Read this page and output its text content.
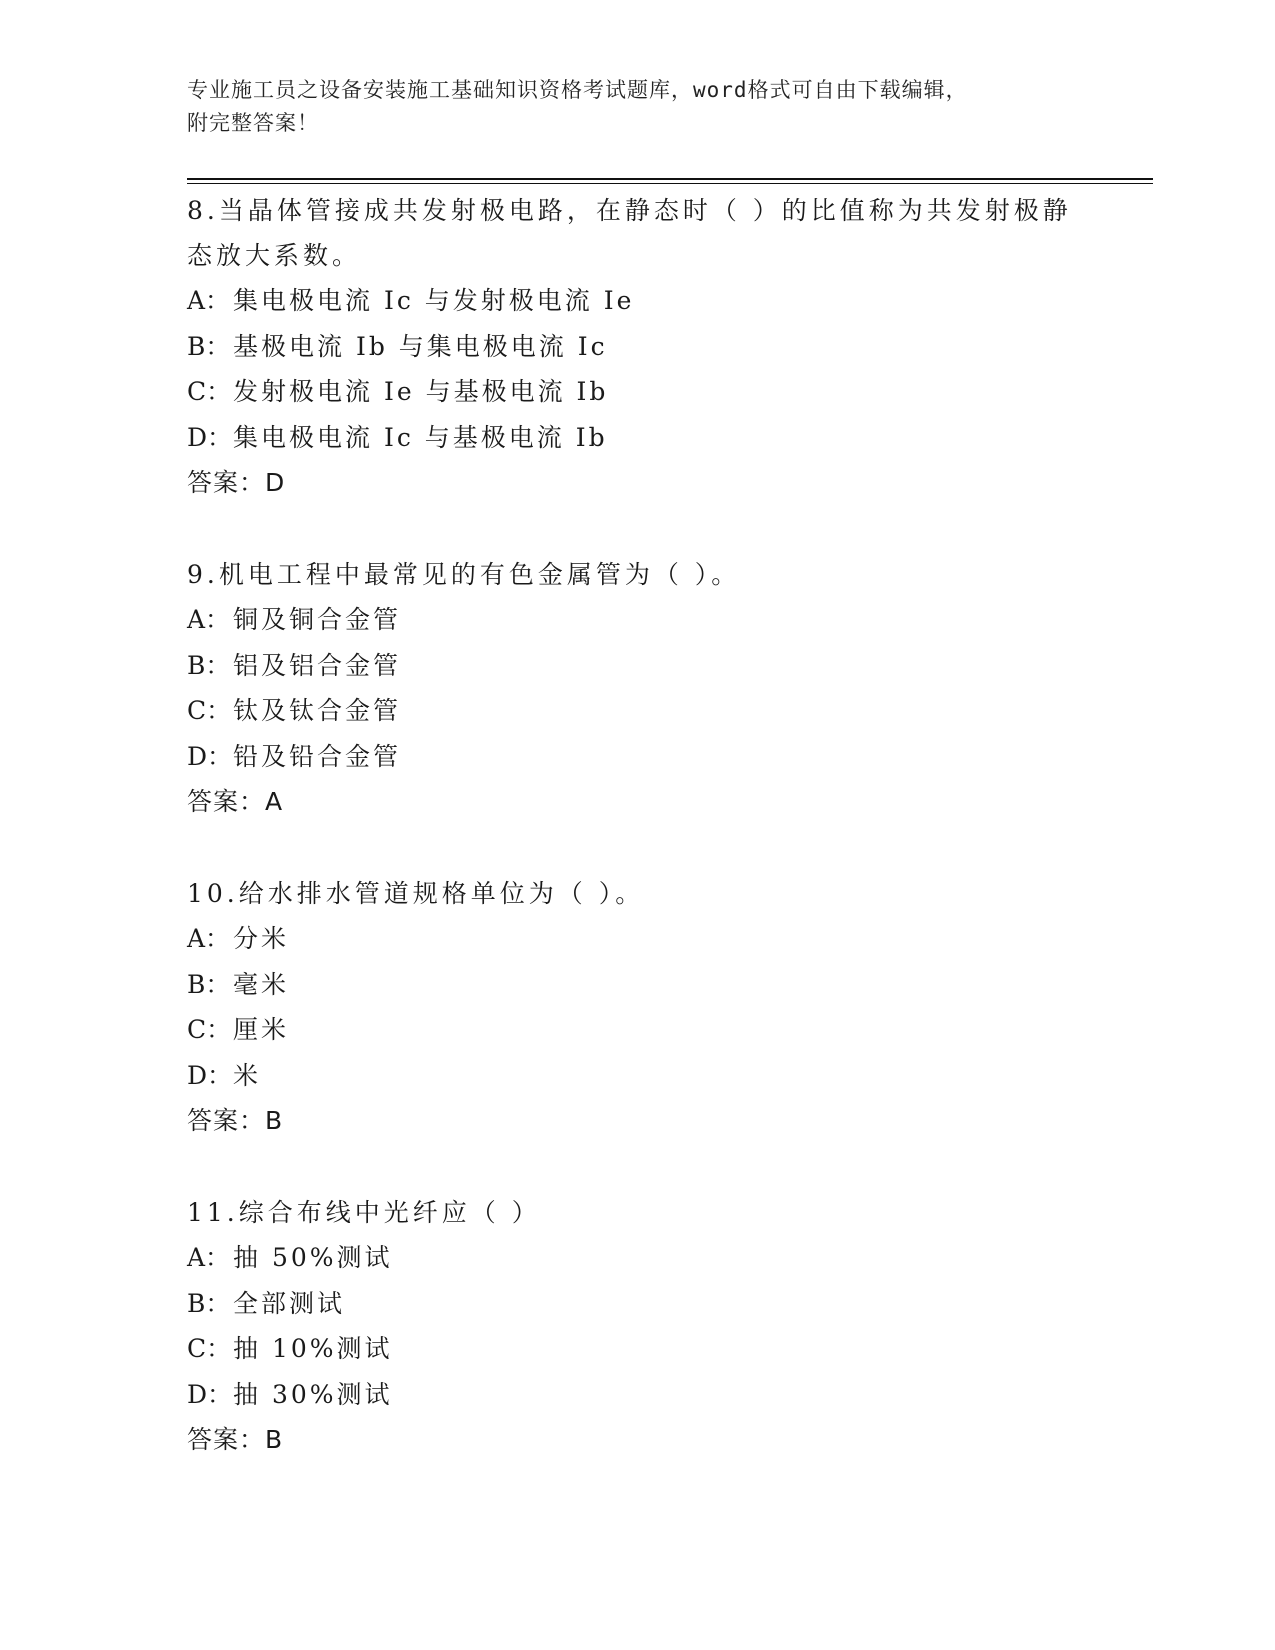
专业施工员之设备安装施工基础知识资格考试题库，word格式可自由下载编辑，
附完整答案！

8.当晶体管接成共发射极电路，在静态时（ ）的比值称为共发射极静
态放大系数。

A： 集电极电流 Ic 与发射极电流 Ie

B： 基极电流 Ib 与集电极电流 Ic

C：发射极电流 Ie 与基极电流 Ib

D：集电极电流 Ic 与基极电流 Ib

答案：D

9.机电工程中最常见的有色金属管为（ ）。

A： 铜及铜合金管

B： 铝及铝合金管

C：钛及钛合金管

D：铅及铅合金管

答案：A

10.给水排水管道规格单位为（ ）。

A： 分米

B： 毫米

C：厘米

D：米

答案：B

11.综合布线中光纤应（ ）

A： 抽 50%测试

B： 全部测试

C：抽 10%测试

D：抽 30%测试

答案：B
